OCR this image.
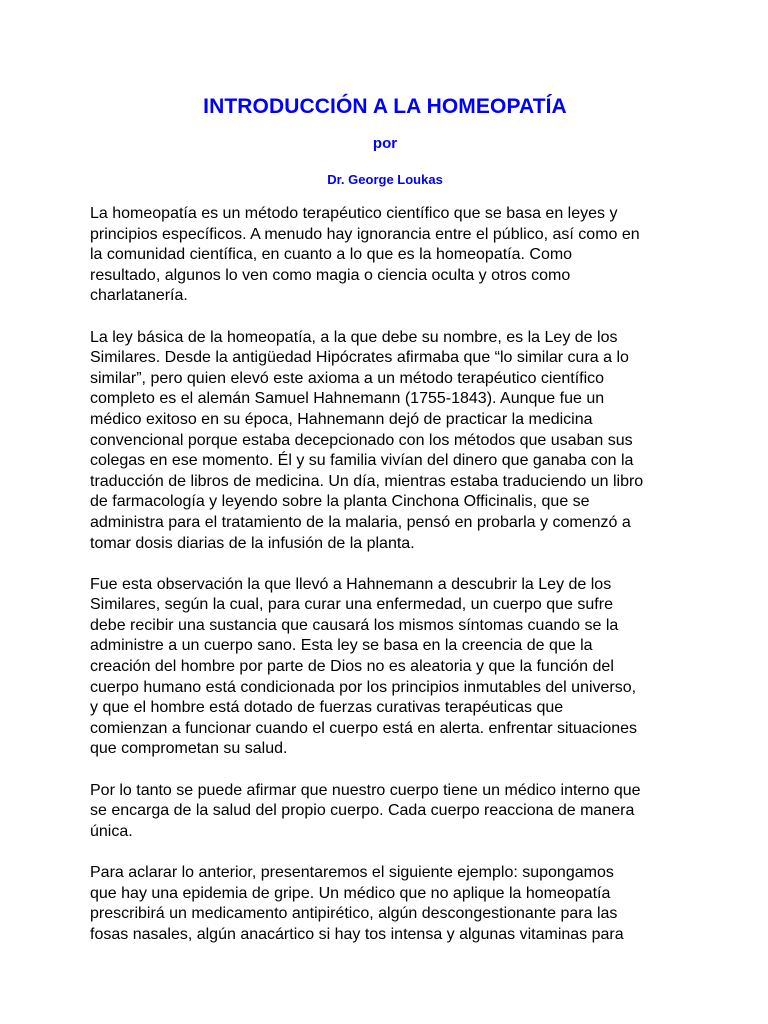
INTRODUCCIÓN A LA HOMEOPATÍA
por
Dr. George Loukas

La homeopatía es un método terapéutico científico que se basa en leyes y
principios específicos. A menudo hay ignorancia entre el público, así como en
la comunidad científica, en cuanto a lo que es la homeopatía. Como
resultado, algunos lo ven como magia o ciencia oculta y otros como
charlatanería.

La ley básica de la homeopatía, a la que debe su nombre, es la Ley de los
Similares. Desde la antigüedad Hipócrates afirmaba que “lo similar cura a lo
similar”, pero quien elevó este axioma a un método terapéutico científico
completo es el alemán Samuel Hahnemann (1755-1843). Aunque fue un
médico exitoso en su época, Hahnemann dejó de practicar la medicina
convencional porque estaba decepcionado con los métodos que usaban sus
colegas en ese momento. Él y su familia vivían del dinero que ganaba con la
traducción de libros de medicina. Un día, mientras estaba traduciendo un libro
de farmacología y leyendo sobre la planta Cinchona Officinalis, que se
administra para el tratamiento de la malaria, pensó en probarla y comenzó a
tomar dosis diarias de la infusión de la planta.

Fue esta observación la que llevó a Hahnemann a descubrir la Ley de los
Similares, según la cual, para curar una enfermedad, un cuerpo que sufre
debe recibir una sustancia que causará los mismos síntomas cuando se la
administre a un cuerpo sano. Esta ley se basa en la creencia de que la
creación del hombre por parte de Dios no es aleatoria y que la función del
cuerpo humano está condicionada por los principios inmutables del universo,
y que el hombre está dotado de fuerzas curativas terapéuticas que
comienzan a funcionar cuando el cuerpo está en alerta. enfrentar situaciones
que comprometan su salud.

Por lo tanto se puede afirmar que nuestro cuerpo tiene un médico interno que
se encarga de la salud del propio cuerpo. Cada cuerpo reacciona de manera
única.

Para aclarar lo anterior, presentaremos el siguiente ejemplo: supongamos
que hay una epidemia de gripe. Un médico que no aplique la homeopatía
prescribirá un medicamento antipirético, algún descongestionante para las
fosas nasales, algún anacártico si hay tos intensa y algunas vitaminas para
